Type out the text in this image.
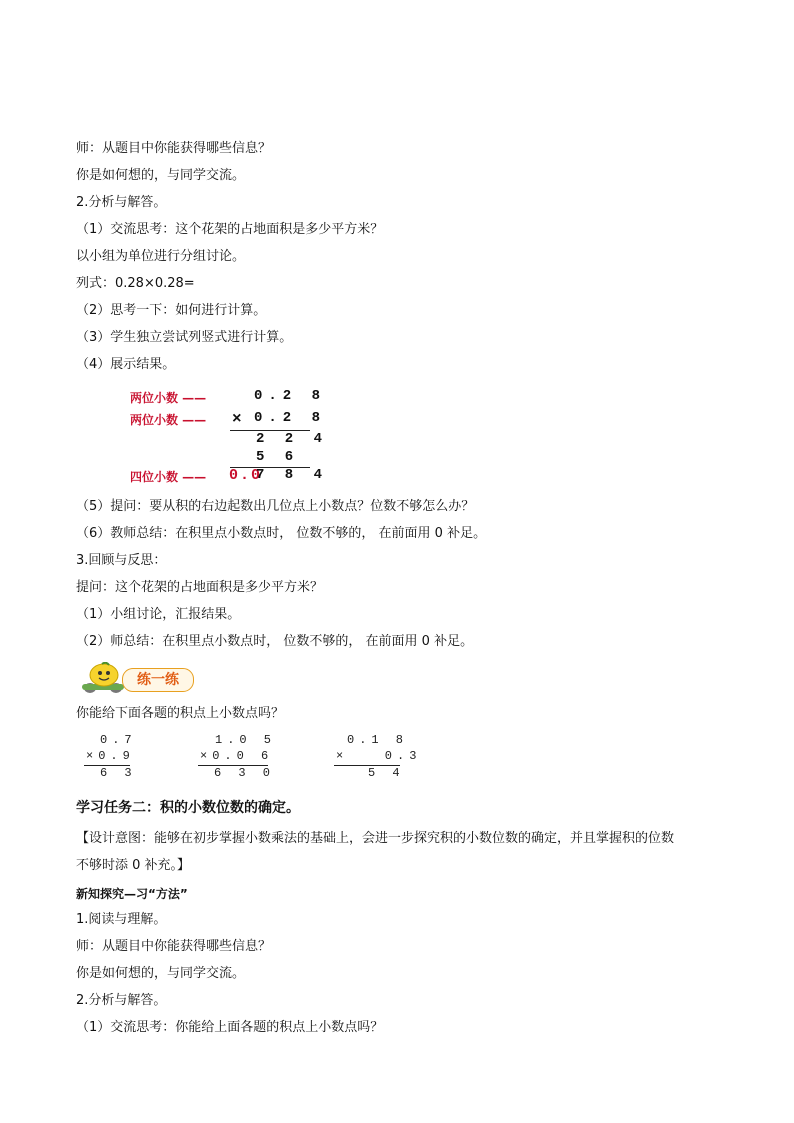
师：从题目中你能获得哪些信息？
你是如何想的，与同学交流。
2.分析与解答。
（1）交流思考：这个花架的占地面积是多少平方米？
以小组为单位进行分组讨论。
列式：0.28×0.28=
（2）思考一下：如何进行计算。
（3）学生独立尝试列竖式进行计算。
（4）展示结果。
两位小数 ——
两位小数 ——
四位小数 ——
0.2 8
× 0.2 8
2 2 4
5 6
0.0
7 8 4
（5）提问：要从积的右边起数出几位点上小数点？位数不够怎么办？
（6）教师总结：在积里点小数点时， 位数不够的， 在前面用 0 补足。
3.回顾与反思：
提问：这个花架的占地面积是多少平方米？
（1）小组讨论，汇报结果。
（2）师总结：在积里点小数点时， 位数不够的， 在前面用 0 补足。
练一练
你能给下面各题的积点上小数点吗？
0.7
×0.9
6 3
1.0 5
×0.0 6
6 3 0
0.1 8
×   0.3
5 4
学习任务二：积的小数位数的确定。
【设计意图：能够在初步掌握小数乘法的基础上，会进一步探究积的小数位数的确定，并且掌握积的位数
不够时添 0 补充。】
新知探究—习“方法”
1.阅读与理解。
师：从题目中你能获得哪些信息？
你是如何想的，与同学交流。
2.分析与解答。
（1）交流思考：你能给上面各题的积点上小数点吗？
